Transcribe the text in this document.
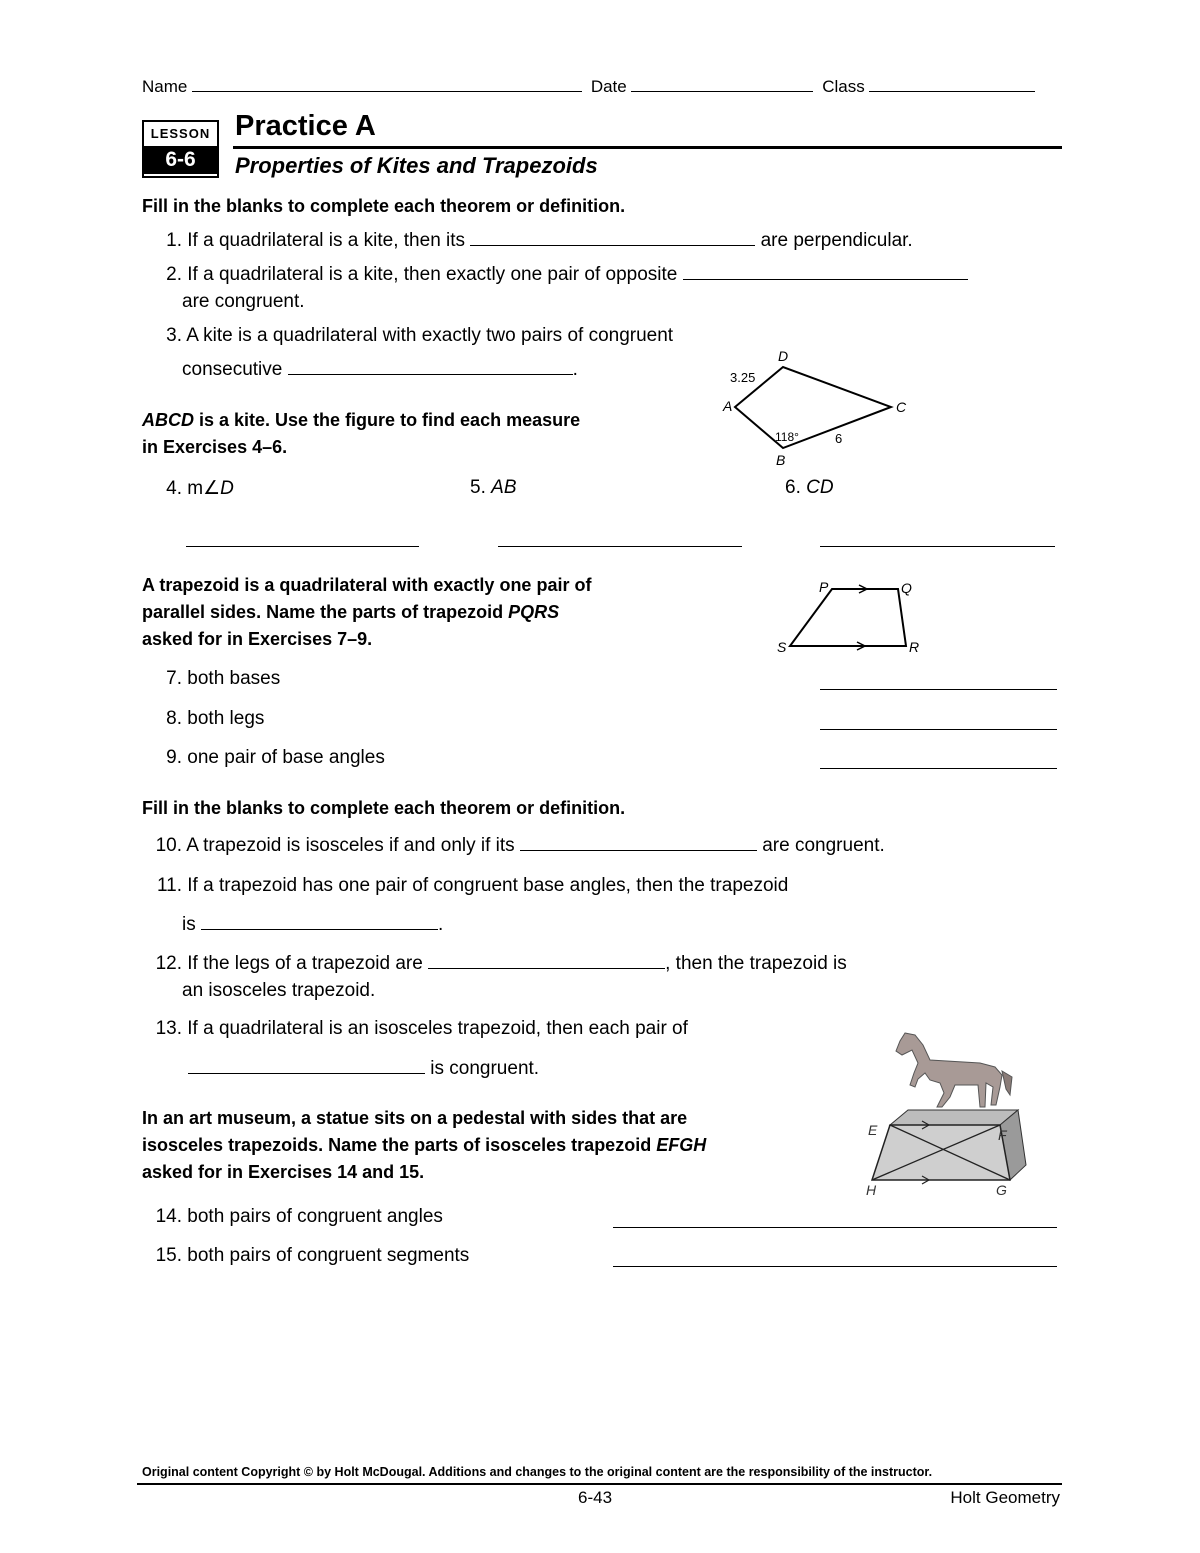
Name	Date	Class
LESSON
6-6
Practice A
Properties of Kites and Trapezoids
Fill in the blanks to complete each theorem or definition.
1. If a quadrilateral is a kite, then its	are perpendicular.
2. If a quadrilateral is a kite, then exactly one pair of opposite
are congruent.
3. A kite is a quadrilateral with exactly two pairs of congruent
consecutive	.
ABCD is a kite. Use the figure to find each measure
in Exercises 4–6.
D
A	C
B
3.25
118°	6
4. m∠D	5. AB	6. CD
A trapezoid is a quadrilateral with exactly one pair of
parallel sides. Name the parts of trapezoid PQRS
asked for in Exercises 7–9.
P	Q
R
S
7. both bases
8. both legs
9. one pair of base angles
Fill in the blanks to complete each theorem or definition.
10. A trapezoid is isosceles if and only if its	are congruent.
11. If a trapezoid has one pair of congruent base angles, then the trapezoid
is	.
12. If the legs of a trapezoid are	, then the trapezoid is
an isosceles trapezoid.
13. If a quadrilateral is an isosceles trapezoid, then each pair of
is congruent.
In an art museum, a statue sits on a pedestal with sides that are
isosceles trapezoids. Name the parts of isosceles trapezoid EFGH
asked for in Exercises 14 and 15.
E	F
G
H
14. both pairs of congruent angles
15. both pairs of congruent segments
Original content Copyright © by Holt McDougal. Additions and changes to the original content are the responsibility of the instructor.
6-43	Holt Geometry
